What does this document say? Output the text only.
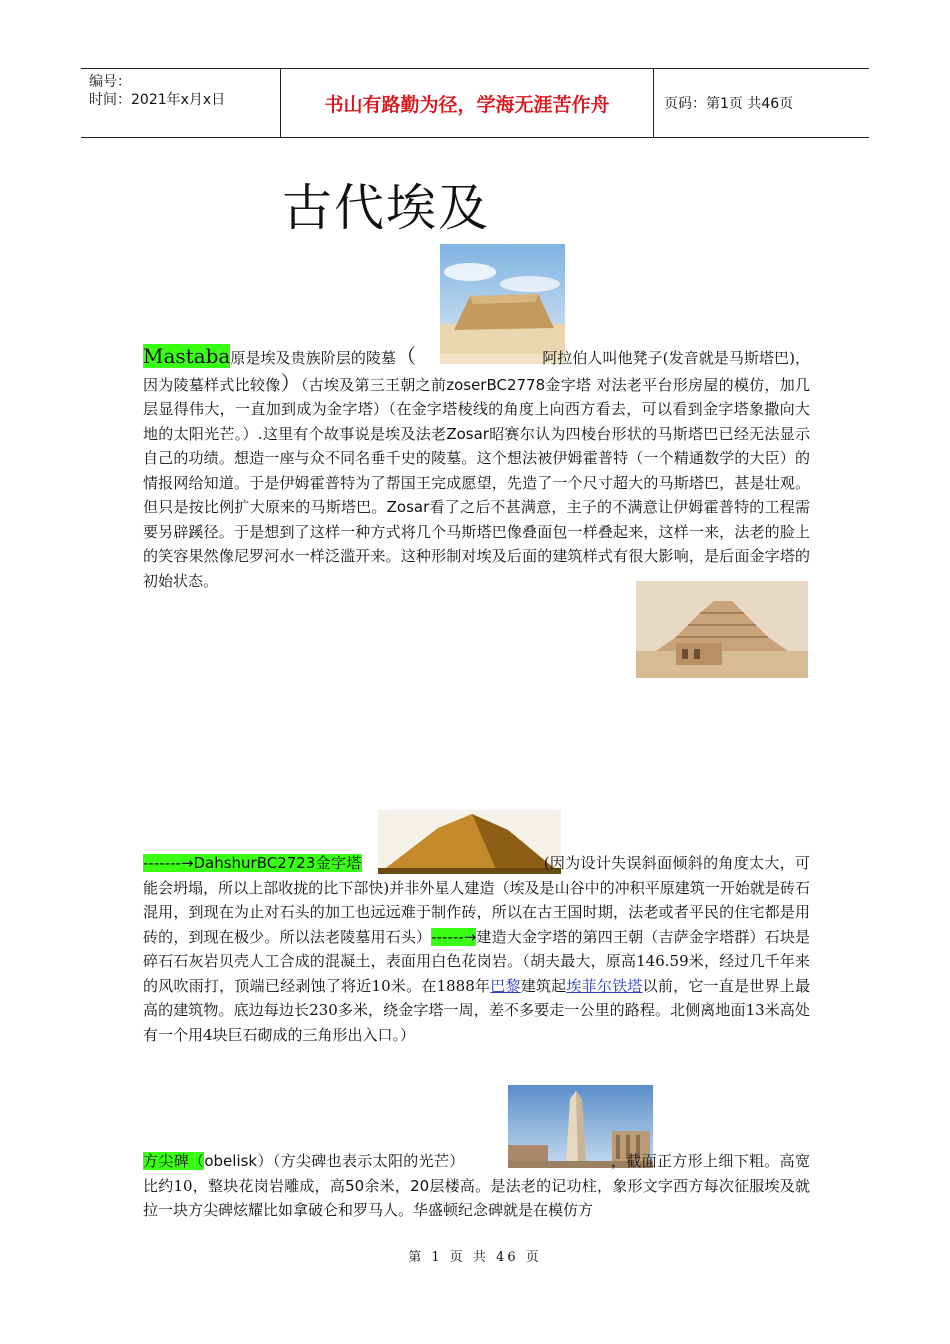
编号：
时间：2021年x月x日	书山有路勤为径，学海无涯苦作舟	页码：第1页 共46页
古代埃及
Mastaba原是埃及贵族阶层的陵墓（	阿拉伯人叫他凳子(发音就是马斯塔巴)，因为陵墓样式比较像）（古埃及第三王朝之前zoserBC2778金字塔 对法老平台形房屋的模仿，加几层显得伟大，一直加到成为金字塔）（在金字塔棱线的角度上向西方看去，可以看到金字塔象撒向大地的太阳光芒。）.这里有个故事说是埃及法老Zosar昭赛尔认为四棱台形状的马斯塔巴已经无法显示自己的功绩。想造一座与众不同名垂千史的陵墓。这个想法被伊姆霍普特（一个精通数学的大臣）的情报网给知道。于是伊姆霍普特为了帮国王完成愿望，先造了一个尺寸超大的马斯塔巴，甚是壮观。但只是按比例扩大原来的马斯塔巴。Zosar看了之后不甚满意，主子的不满意让伊姆霍普特的工程需要另辟蹊径。于是想到了这样一种方式将几个马斯塔巴像叠面包一样叠起来，这样一来，法老的脸上的笑容果然像尼罗河水一样泛滥开来。这种形制对埃及后面的建筑样式有很大影响，是后面金字塔的初始状态。
-------→DahshurBC2723金字塔	(因为设计失误斜面倾斜的角度太大，可能会坍塌，所以上部收拢的比下部快)并非外星人建造（埃及是山谷中的冲积平原建筑一开始就是砖石混用，到现在为止对石头的加工也远远难于制作砖，所以在古王国时期，法老或者平民的住宅都是用砖的，到现在极少。所以法老陵墓用石头）------→建造大金字塔的第四王朝（吉萨金字塔群）石块是碎石石灰岩贝壳人工合成的混凝土，表面用白色花岗岩。（胡夫最大，原高146.59米，经过几千年来的风吹雨打，顶端已经剥蚀了将近10米。在1888年巴黎建筑起埃菲尔铁塔以前，它一直是世界上最高的建筑物。底边每边长230多米，绕金字塔一周，差不多要走一公里的路程。北侧离地面13米高处有一个用4块巨石砌成的三角形出入口。）
方尖碑（obelisk）（方尖碑也表示太阳的光芒）	，截面正方形上细下粗。高宽比约10，整块花岗岩雕成，高50余米，20层楼高。是法老的记功柱，象形文字西方每次征服埃及就拉一块方尖碑炫耀比如拿破仑和罗马人。华盛顿纪念碑就是在模仿方
第 1 页 共 46 页
